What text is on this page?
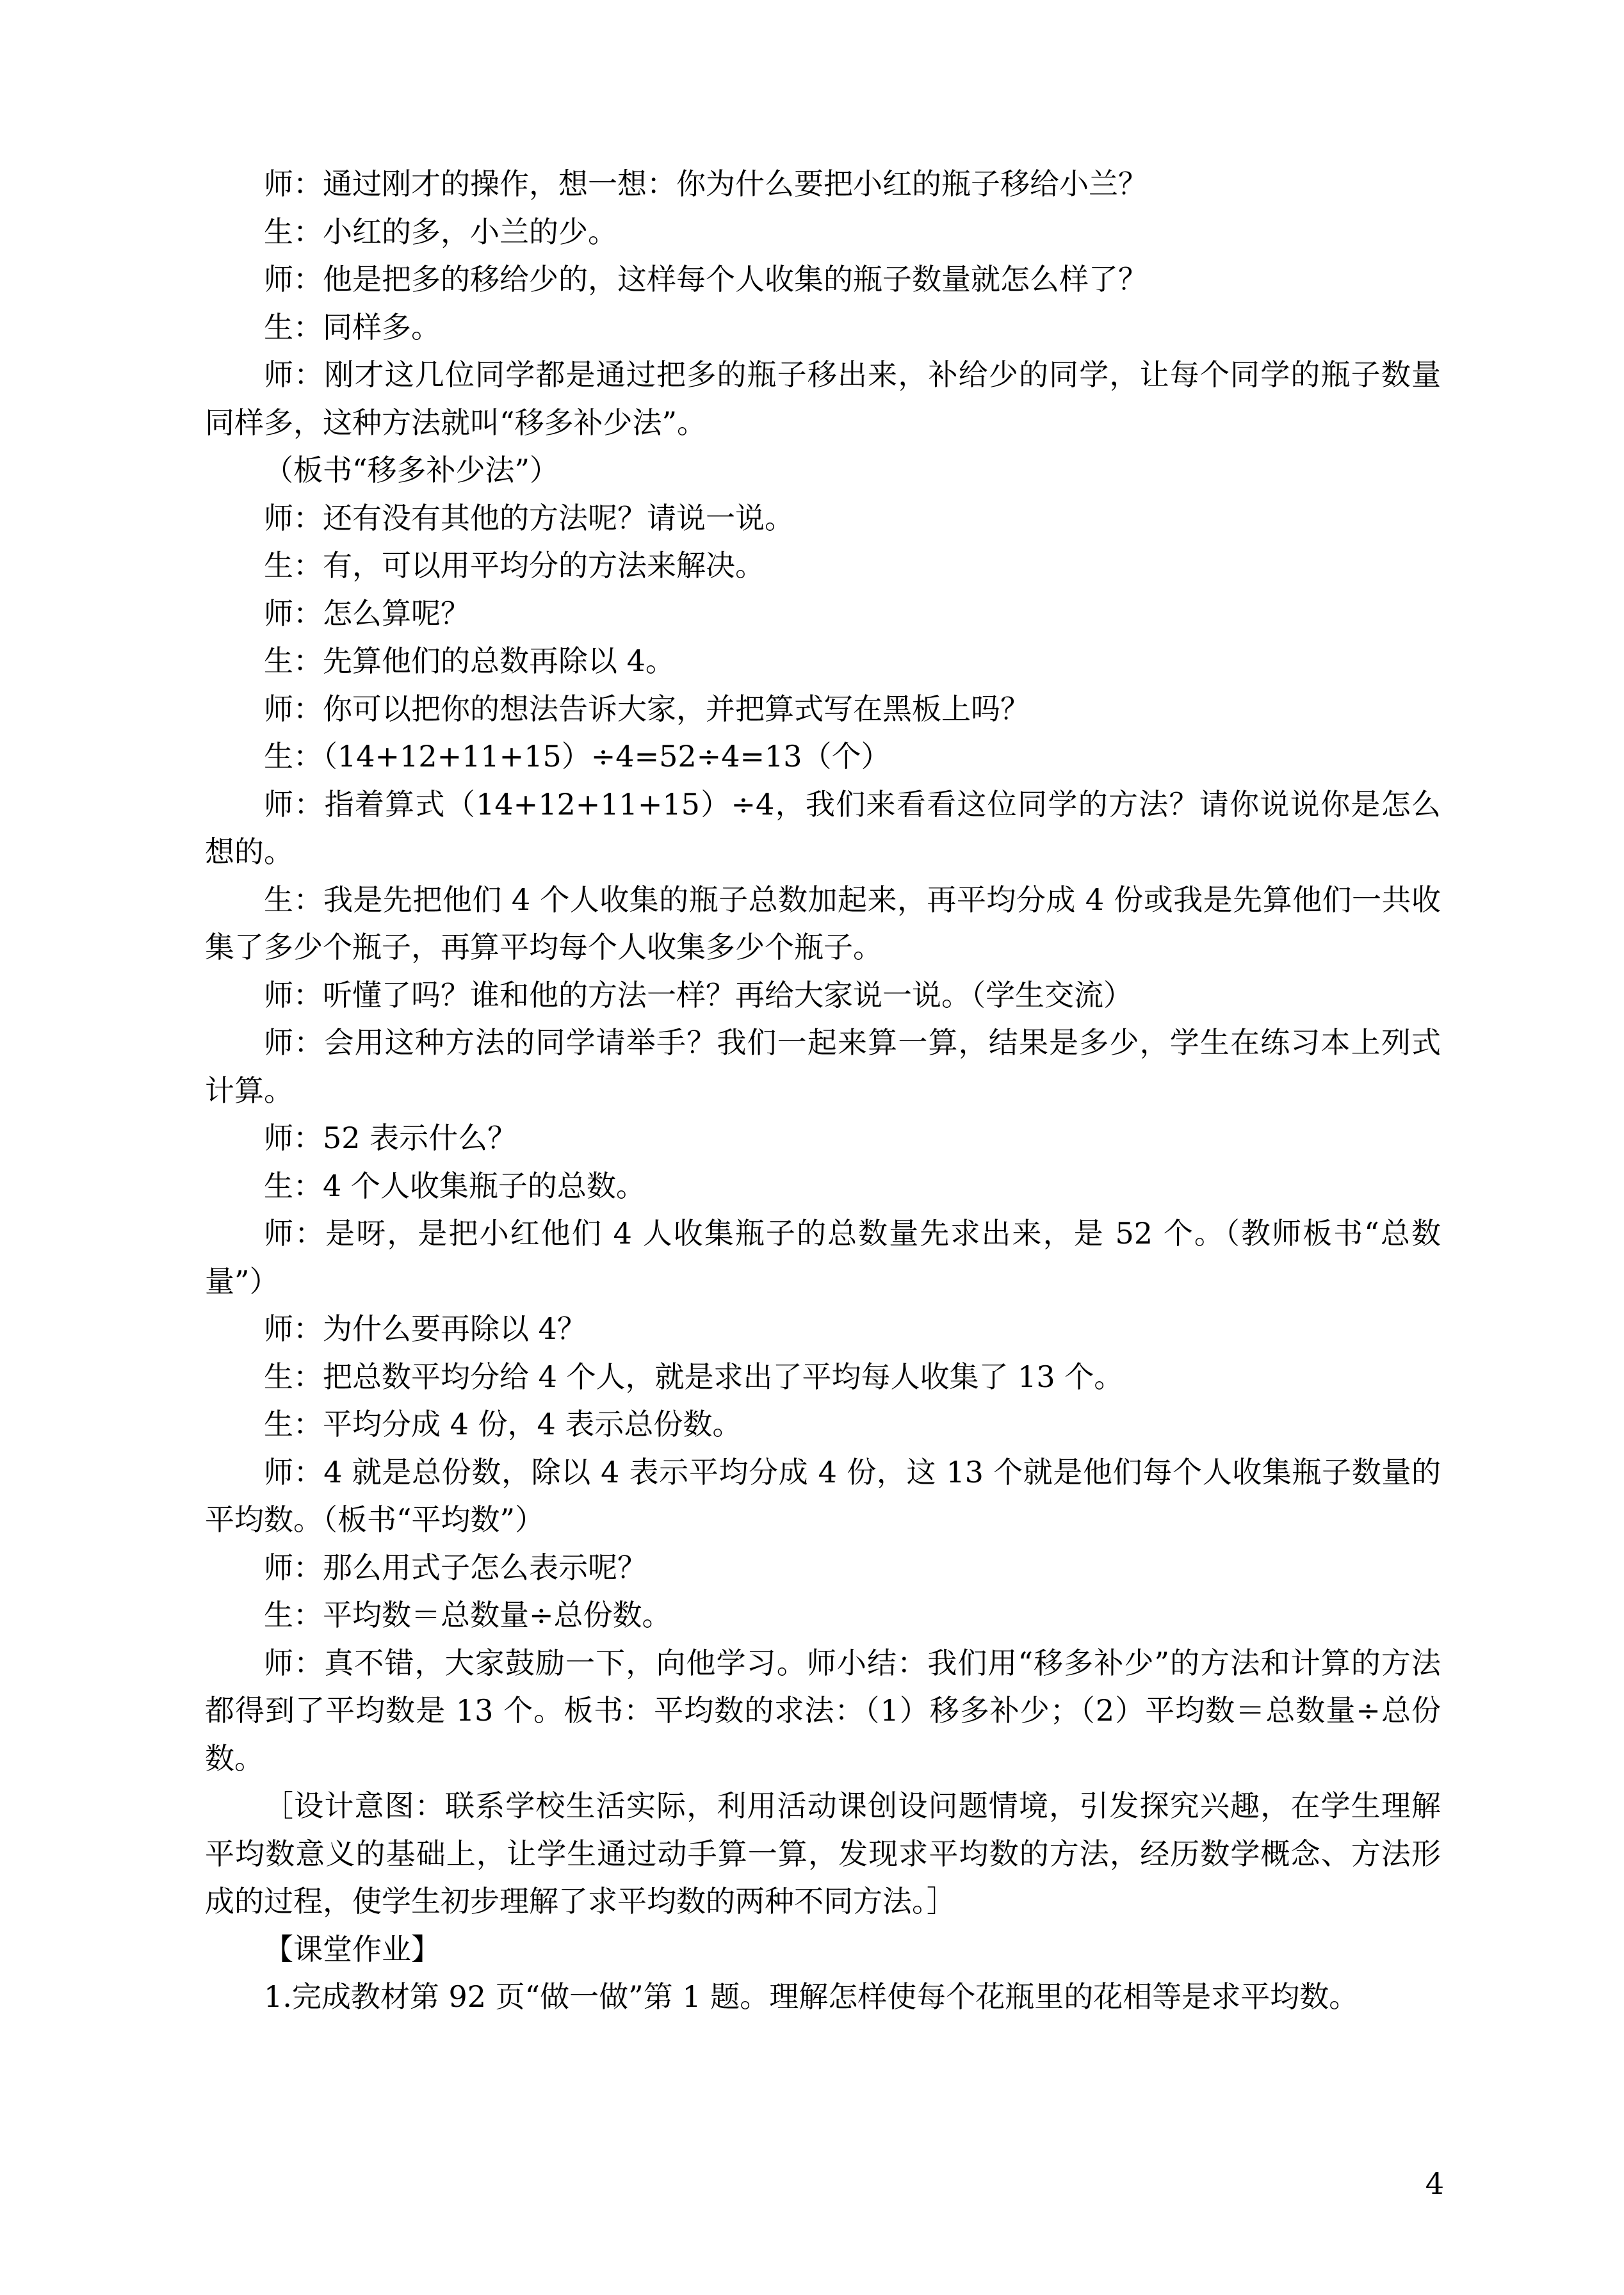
师：通过刚才的操作，想一想：你为什么要把小红的瓶子移给小兰？

生：小红的多，小兰的少。

师：他是把多的移给少的，这样每个人收集的瓶子数量就怎么样了？

生：同样多。

师：刚才这几位同学都是通过把多的瓶子移出来，补给少的同学，让每个同学的瓶子数量同样多，这种方法就叫“移多补少法”。

（板书“移多补少法”）

师：还有没有其他的方法呢？请说一说。

生：有，可以用平均分的方法来解决。

师：怎么算呢？

生：先算他们的总数再除以 4。

师：你可以把你的想法告诉大家，并把算式写在黑板上吗？

生：（14+12+11+15）÷4=52÷4=13（个）

师：指着算式（14+12+11+15）÷4，我们来看看这位同学的方法？请你说说你是怎么想的。

生：我是先把他们 4 个人收集的瓶子总数加起来，再平均分成 4 份或我是先算他们一共收集了多少个瓶子，再算平均每个人收集多少个瓶子。

师：听懂了吗？谁和他的方法一样？再给大家说一说。（学生交流）

师：会用这种方法的同学请举手？我们一起来算一算，结果是多少，学生在练习本上列式计算。

师：52 表示什么？

生：4 个人收集瓶子的总数。

师：是呀，是把小红他们 4 人收集瓶子的总数量先求出来，是 52 个。（教师板书“总数量”）

师：为什么要再除以 4？

生：把总数平均分给 4 个人，就是求出了平均每人收集了 13 个。

生：平均分成 4 份，4 表示总份数。

师：4 就是总份数，除以 4 表示平均分成 4 份，这 13 个就是他们每个人收集瓶子数量的平均数。（板书“平均数”）

师：那么用式子怎么表示呢？

生：平均数＝总数量÷总份数。

师：真不错，大家鼓励一下，向他学习。师小结：我们用“移多补少”的方法和计算的方法都得到了平均数是 13 个。板书：平均数的求法：（1）移多补少；（2）平均数＝总数量÷总份数。

［设计意图：联系学校生活实际，利用活动课创设问题情境，引发探究兴趣，在学生理解平均数意义的基础上，让学生通过动手算一算，发现求平均数的方法，经历数学概念、方法形成的过程，使学生初步理解了求平均数的两种不同方法。］

【课堂作业】

1.完成教材第 92 页“做一做”第 1 题。理解怎样使每个花瓶里的花相等是求平均数。

4
